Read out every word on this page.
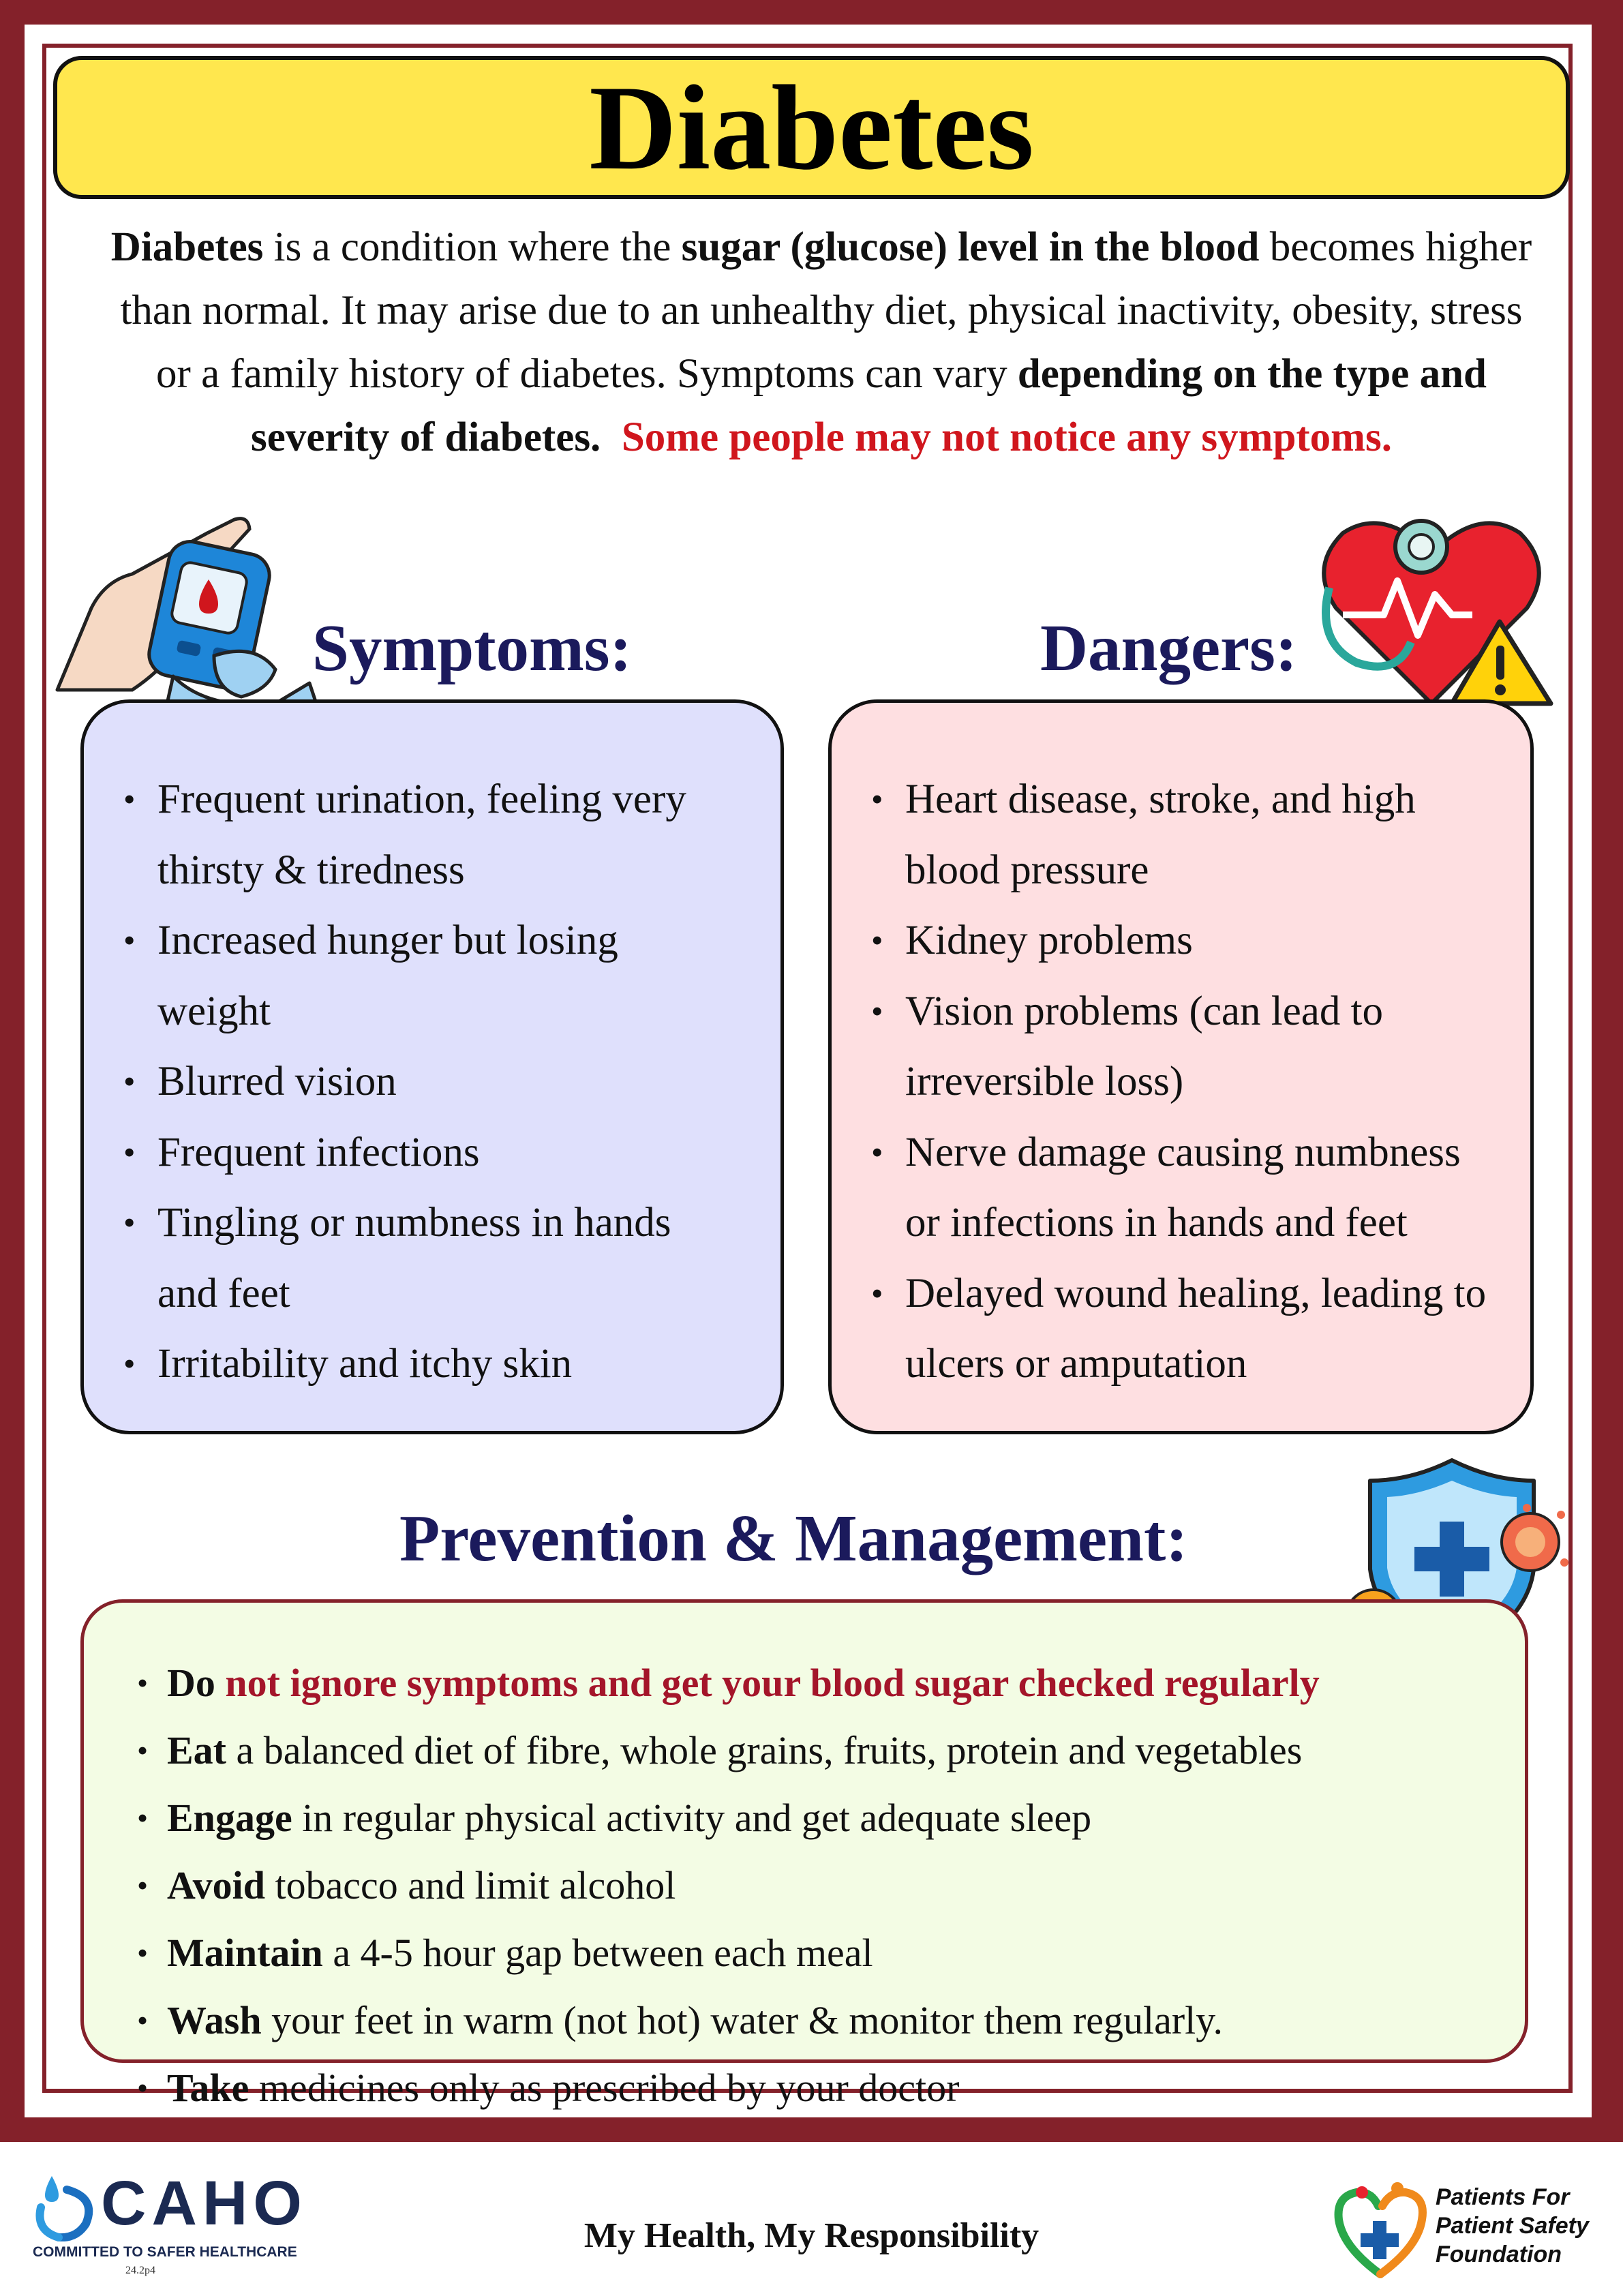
Diabetes
Diabetes is a condition where the sugar (glucose) level in the blood becomes higher than normal. It may arise due to an unhealthy diet, physical inactivity, obesity, stress or a family history of diabetes. Symptoms can vary depending on the type and severity of diabetes. Some people may not notice any symptoms.
Symptoms:	Dangers:
• Frequent urination, feeling very thirsty & tiredness
• Increased hunger but losing weight
• Blurred vision
• Frequent infections
• Tingling or numbness in hands and feet
• Irritability and itchy skin
• Heart disease, stroke, and high blood pressure
• Kidney problems
• Vision problems (can lead to irreversible loss)
• Nerve damage causing numbness or infections in hands and feet
• Delayed wound healing, leading to ulcers or amputation
Prevention & Management:
• Do not ignore symptoms and get your blood sugar checked regularly
• Eat a balanced diet of fibre, whole grains, fruits, protein and vegetables
• Engage in regular physical activity and get adequate sleep
• Avoid tobacco and limit alcohol
• Maintain a 4-5 hour gap between each meal
• Wash your feet in warm (not hot) water & monitor them regularly.
• Take medicines only as prescribed by your doctor
CAHO
COMMITTED TO SAFER HEALTHCARE
24.2p4
My Health, My Responsibility
Patients For
Patient Safety
Foundation
